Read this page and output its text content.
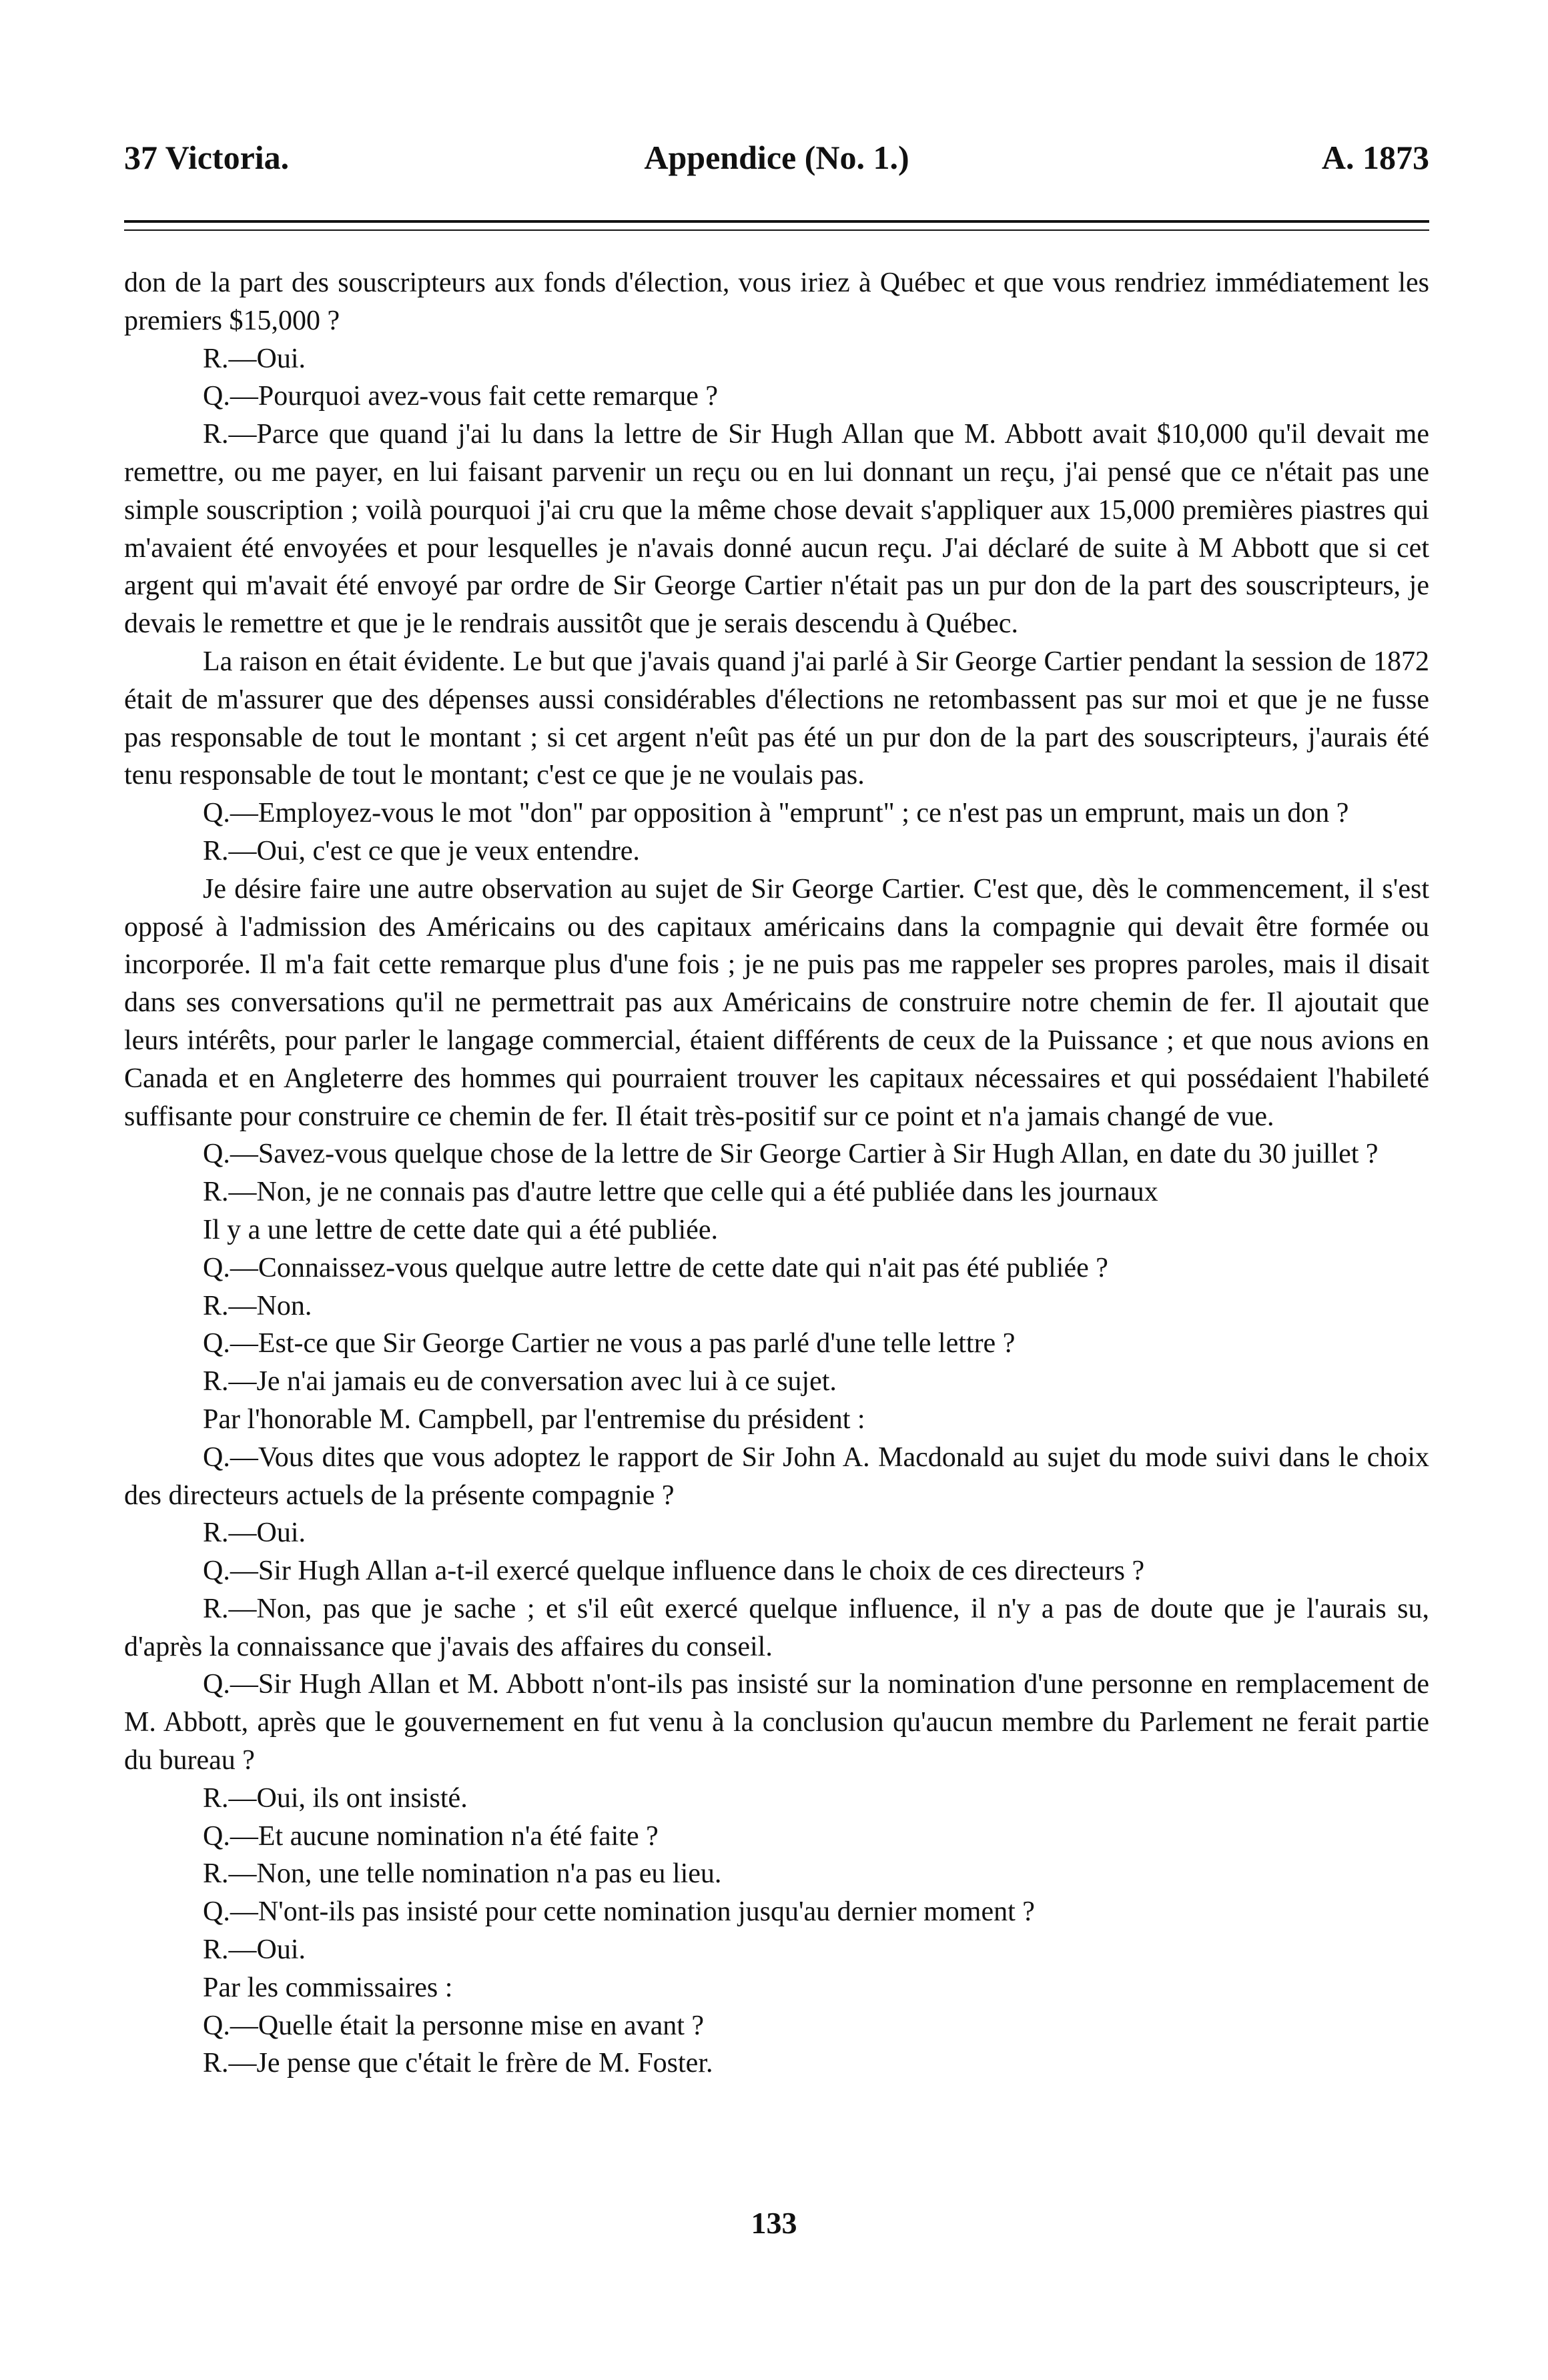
37 Victoria.	Appendice (No. 1.)	A. 1873

don de la part des souscripteurs aux fonds d'élection, vous iriez à Québec et que vous rendriez immédiatement les premiers $15,000 ?

R.—Oui.

Q.—Pourquoi avez-vous fait cette remarque ?

R.—Parce que quand j'ai lu dans la lettre de Sir Hugh Allan que M. Abbott avait $10,000 qu'il devait me remettre, ou me payer, en lui faisant parvenir un reçu ou en lui donnant un reçu, j'ai pensé que ce n'était pas une simple souscription ; voilà pourquoi j'ai cru que la même chose devait s'appliquer aux 15,000 premières piastres qui m'avaient été envoyées et pour lesquelles je n'avais donné aucun reçu. J'ai déclaré de suite à M Abbott que si cet argent qui m'avait été envoyé par ordre de Sir George Cartier n'était pas un pur don de la part des souscripteurs, je devais le remettre et que je le rendrais aussitôt que je serais descendu à Québec.

La raison en était évidente. Le but que j'avais quand j'ai parlé à Sir George Cartier pendant la session de 1872 était de m'assurer que des dépenses aussi considérables d'élections ne retombassent pas sur moi et que je ne fusse pas responsable de tout le montant ; si cet argent n'eût pas été un pur don de la part des souscripteurs, j'aurais été tenu responsable de tout le montant; c'est ce que je ne voulais pas.

Q.—Employez-vous le mot "don" par opposition à "emprunt" ; ce n'est pas un emprunt, mais un don ?

R.—Oui, c'est ce que je veux entendre.

Je désire faire une autre observation au sujet de Sir George Cartier. C'est que, dès le commencement, il s'est opposé à l'admission des Américains ou des capitaux américains dans la compagnie qui devait être formée ou incorporée. Il m'a fait cette remarque plus d'une fois ; je ne puis pas me rappeler ses propres paroles, mais il disait dans ses conversations qu'il ne permettrait pas aux Américains de construire notre chemin de fer. Il ajoutait que leurs intérêts, pour parler le langage commercial, étaient différents de ceux de la Puissance ; et que nous avions en Canada et en Angleterre des hommes qui pourraient trouver les capitaux nécessaires et qui possédaient l'habileté suffisante pour construire ce chemin de fer. Il était très-positif sur ce point et n'a jamais changé de vue.

Q.—Savez-vous quelque chose de la lettre de Sir George Cartier à Sir Hugh Allan, en date du 30 juillet ?

R.—Non, je ne connais pas d'autre lettre que celle qui a été publiée dans les journaux

Il y a une lettre de cette date qui a été publiée.

Q.—Connaissez-vous quelque autre lettre de cette date qui n'ait pas été publiée ?

R.—Non.

Q.—Est-ce que Sir George Cartier ne vous a pas parlé d'une telle lettre ?

R.—Je n'ai jamais eu de conversation avec lui à ce sujet.

Par l'honorable M. Campbell, par l'entremise du président :

Q.—Vous dites que vous adoptez le rapport de Sir John A. Macdonald au sujet du mode suivi dans le choix des directeurs actuels de la présente compagnie ?

R.—Oui.

Q.—Sir Hugh Allan a-t-il exercé quelque influence dans le choix de ces directeurs ?

R.—Non, pas que je sache ; et s'il eût exercé quelque influence, il n'y a pas de doute que je l'aurais su, d'après la connaissance que j'avais des affaires du conseil.

Q.—Sir Hugh Allan et M. Abbott n'ont-ils pas insisté sur la nomination d'une personne en remplacement de M. Abbott, après que le gouvernement en fut venu à la conclusion qu'aucun membre du Parlement ne ferait partie du bureau ?

R.—Oui, ils ont insisté.

Q.—Et aucune nomination n'a été faite ?

R.—Non, une telle nomination n'a pas eu lieu.

Q.—N'ont-ils pas insisté pour cette nomination jusqu'au dernier moment ?

R.—Oui.

Par les commissaires :

Q.—Quelle était la personne mise en avant ?

R.—Je pense que c'était le frère de M. Foster.

133
